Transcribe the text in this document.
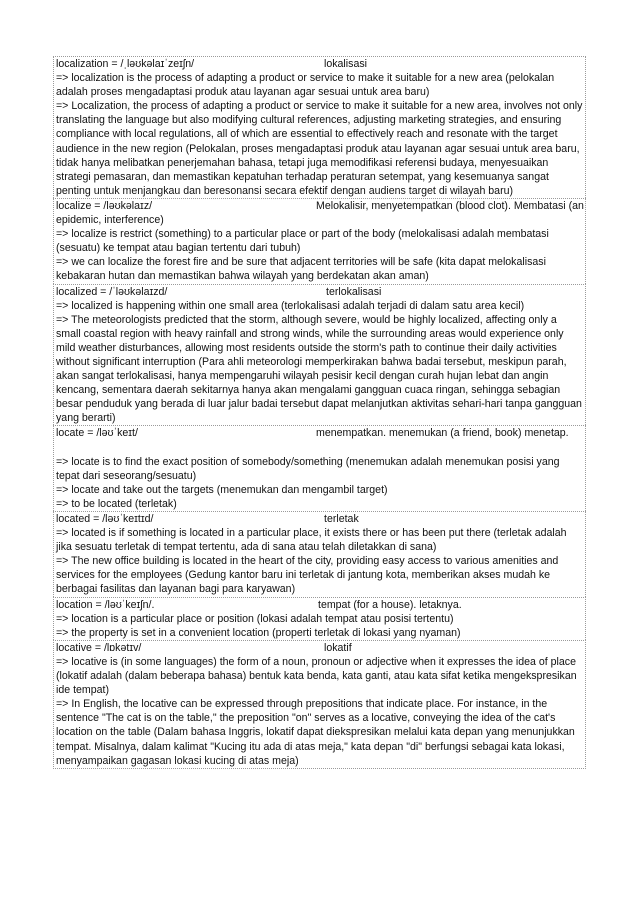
localization = /ˌləʊkəlaɪˈzeɪʃn/	lokalisasi

=> localization is the process of adapting a product or service to make it suitable for a new area (pelokalan adalah proses mengadaptasi produk atau layanan agar sesuai untuk area baru)

=> Localization, the process of adapting a product or service to make it suitable for a new area, involves not only translating the language but also modifying cultural references, adjusting marketing strategies, and ensuring compliance with local regulations, all of which are essential to effectively reach and resonate with the target audience in the new region (Pelokalan, proses mengadaptasi produk atau layanan agar sesuai untuk area baru, tidak hanya melibatkan penerjemahan bahasa, tetapi juga memodifikasi referensi budaya, menyesuaikan strategi pemasaran, dan memastikan kepatuhan terhadap peraturan setempat, yang kesemuanya sangat penting untuk menjangkau dan beresonansi secara efektif dengan audiens target di wilayah baru)

localize = /ləʊkəlaɪz/	Melokalisir, menyetempatkan (blood clot). Membatasi (an epidemic, interference)

=> localize is restrict (something) to a particular place or part of the body (melokalisasi adalah membatasi (sesuatu) ke tempat atau bagian tertentu dari tubuh)

=> we can localize the forest fire and be sure that adjacent territories will be safe (kita dapat melokalisasi kebakaran hutan dan memastikan bahwa wilayah yang berdekatan akan aman)

localized = /ˈləʊkəlaɪzd/	terlokalisasi

=> localized is happening within one small area (terlokalisasi adalah terjadi di dalam satu area kecil)

=> The meteorologists predicted that the storm, although severe, would be highly localized, affecting only a small coastal region with heavy rainfall and strong winds, while the surrounding areas would experience only mild weather disturbances, allowing most residents outside the storm's path to continue their daily activities without significant interruption (Para ahli meteorologi memperkirakan bahwa badai tersebut, meskipun parah, akan sangat terlokalisasi, hanya mempengaruhi wilayah pesisir kecil dengan curah hujan lebat dan angin kencang, sementara daerah sekitarnya hanya akan mengalami gangguan cuaca ringan, sehingga sebagian besar penduduk yang berada di luar jalur badai tersebut dapat melanjutkan aktivitas sehari-hari tanpa gangguan yang berarti)

locate = /ləʊˈkeɪt/	menempatkan. menemukan (a friend, book) menetap.

=> locate is to find the exact position of somebody/something (menemukan adalah menemukan posisi yang tepat dari seseorang/sesuatu)

=> locate and take out the targets (menemukan dan mengambil target)

=> to be located (terletak)

located = /ləʊˈkeɪtɪd/	terletak

=> located is if something is located in a particular place, it exists there or has been put there (terletak adalah jika sesuatu terletak di tempat tertentu, ada di sana atau telah diletakkan di sana)

=> The new office building is located in the heart of the city, providing easy access to various amenities and services for the employees (Gedung kantor baru ini terletak di jantung kota, memberikan akses mudah ke berbagai fasilitas dan layanan bagi para karyawan)

location = /ləʊˈkeɪʃn/.	tempat (for a house). letaknya.

=> location is a particular place or position (lokasi adalah tempat atau posisi tertentu)

=> the property is set in a convenient location (properti terletak di lokasi yang nyaman)

locative = /lɒkətɪv/	lokatif

=> locative is (in some languages) the form of a noun, pronoun or adjective when it expresses the idea of place (lokatif adalah (dalam beberapa bahasa) bentuk kata benda, kata ganti, atau kata sifat ketika mengekspresikan ide tempat)

=> In English, the locative can be expressed through prepositions that indicate place. For instance, in the sentence "The cat is on the table," the preposition "on" serves as a locative, conveying the idea of the cat's location on the table (Dalam bahasa Inggris, lokatif dapat diekspresikan melalui kata depan yang menunjukkan tempat. Misalnya, dalam kalimat "Kucing itu ada di atas meja," kata depan "di" berfungsi sebagai kata lokasi, menyampaikan gagasan lokasi kucing di atas meja)
